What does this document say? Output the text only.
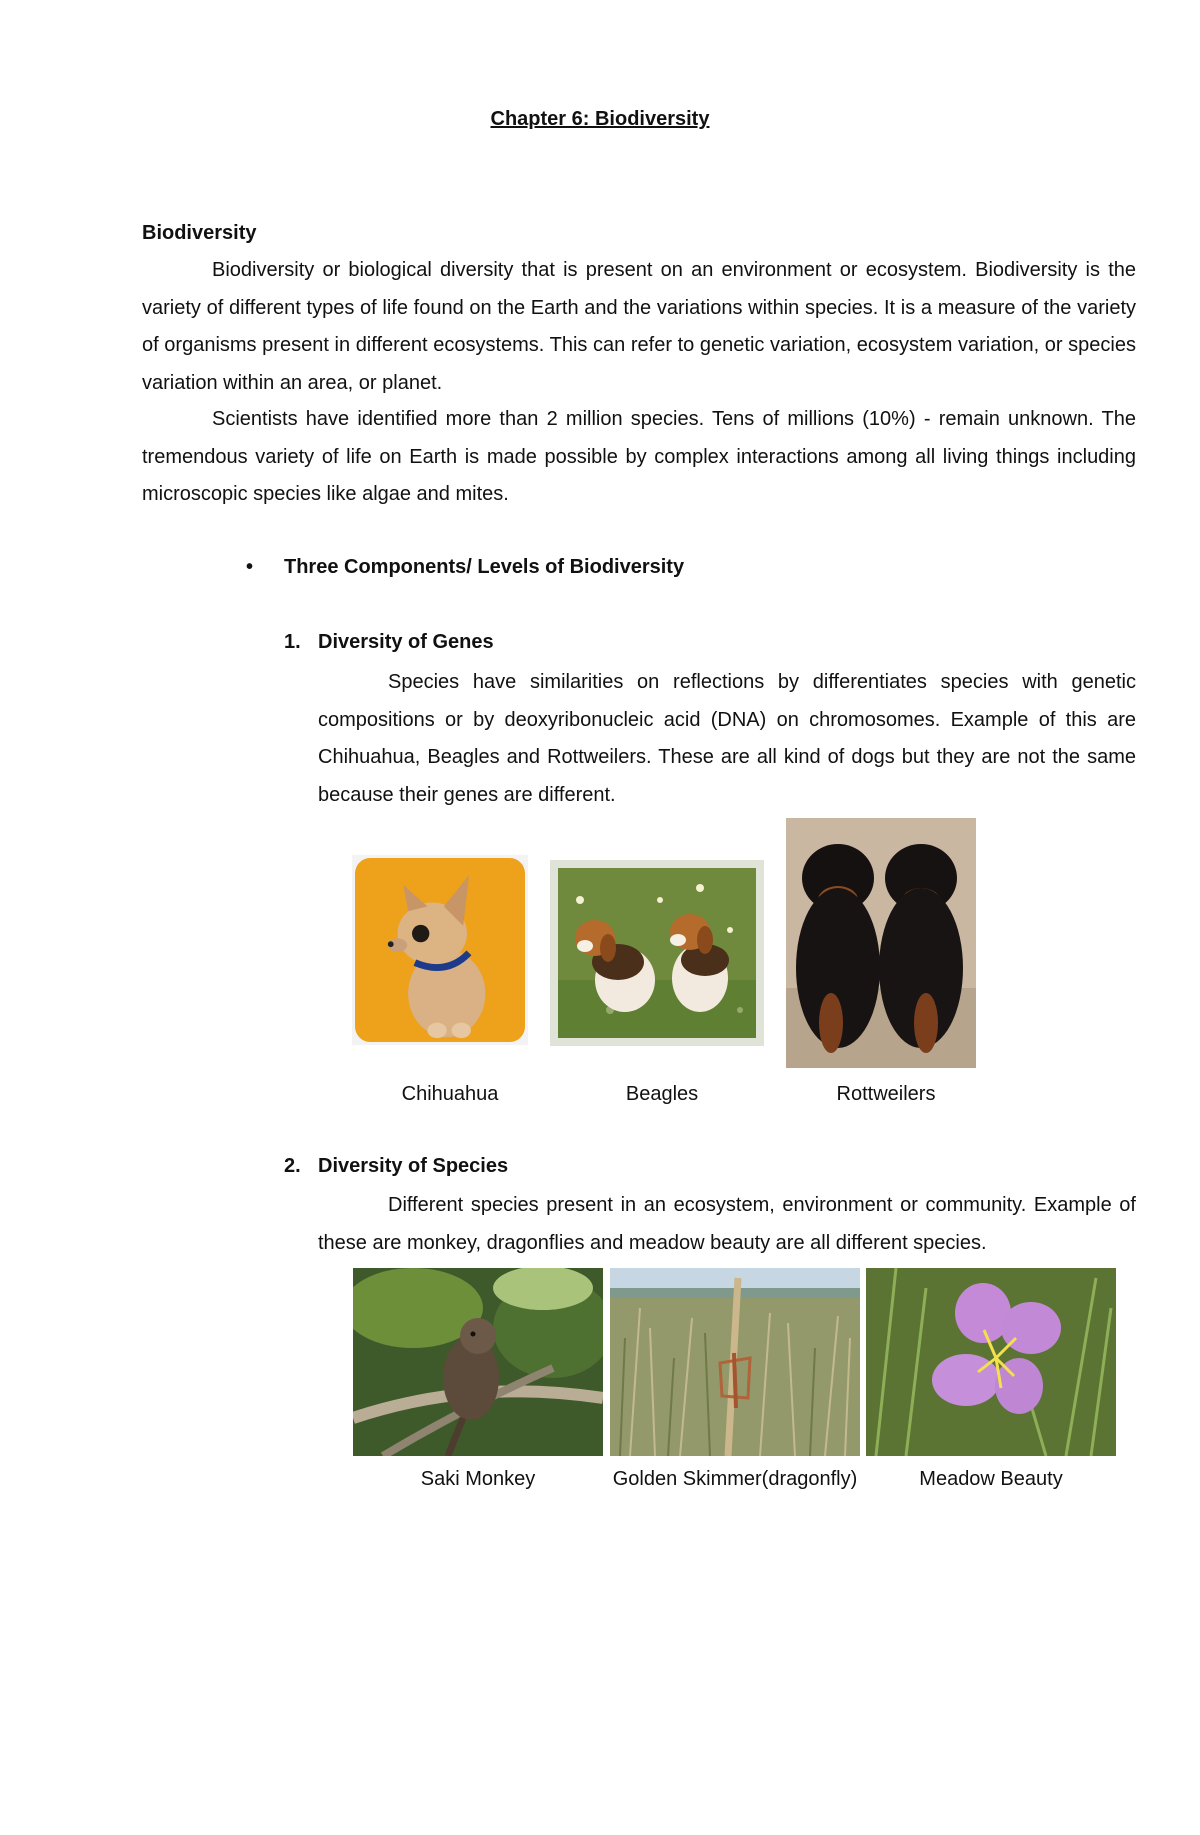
Chapter 6: Biodiversity
Biodiversity

Biodiversity or biological diversity that is present on an environment or ecosystem. Biodiversity is the variety of different types of life found on the Earth and the variations within species. It is a measure of the variety of organisms present in different ecosystems. This can refer to genetic variation, ecosystem variation, or species variation within an area, or planet.

Scientists have identified more than 2 million species. Tens of millions (10%) - remain unknown. The tremendous variety of life on Earth is made possible by complex interactions among all living things including microscopic species like algae and mites.

• Three Components/ Levels of Biodiversity
1. Diversity of Genes

Species have similarities on reflections by differentiates species with genetic compositions or by deoxyribonucleic acid (DNA) on chromosomes. Example of this are Chihuahua, Beagles and Rottweilers. These are all kind of dogs but they are not the same because their genes are different.

Chihuahua	Beagles	Rottweilers
2. Diversity of Species

Different species present in an ecosystem, environment or community. Example of these are monkey, dragonflies and meadow beauty are all different species.

Saki Monkey	Golden Skimmer(dragonfly)	Meadow Beauty
